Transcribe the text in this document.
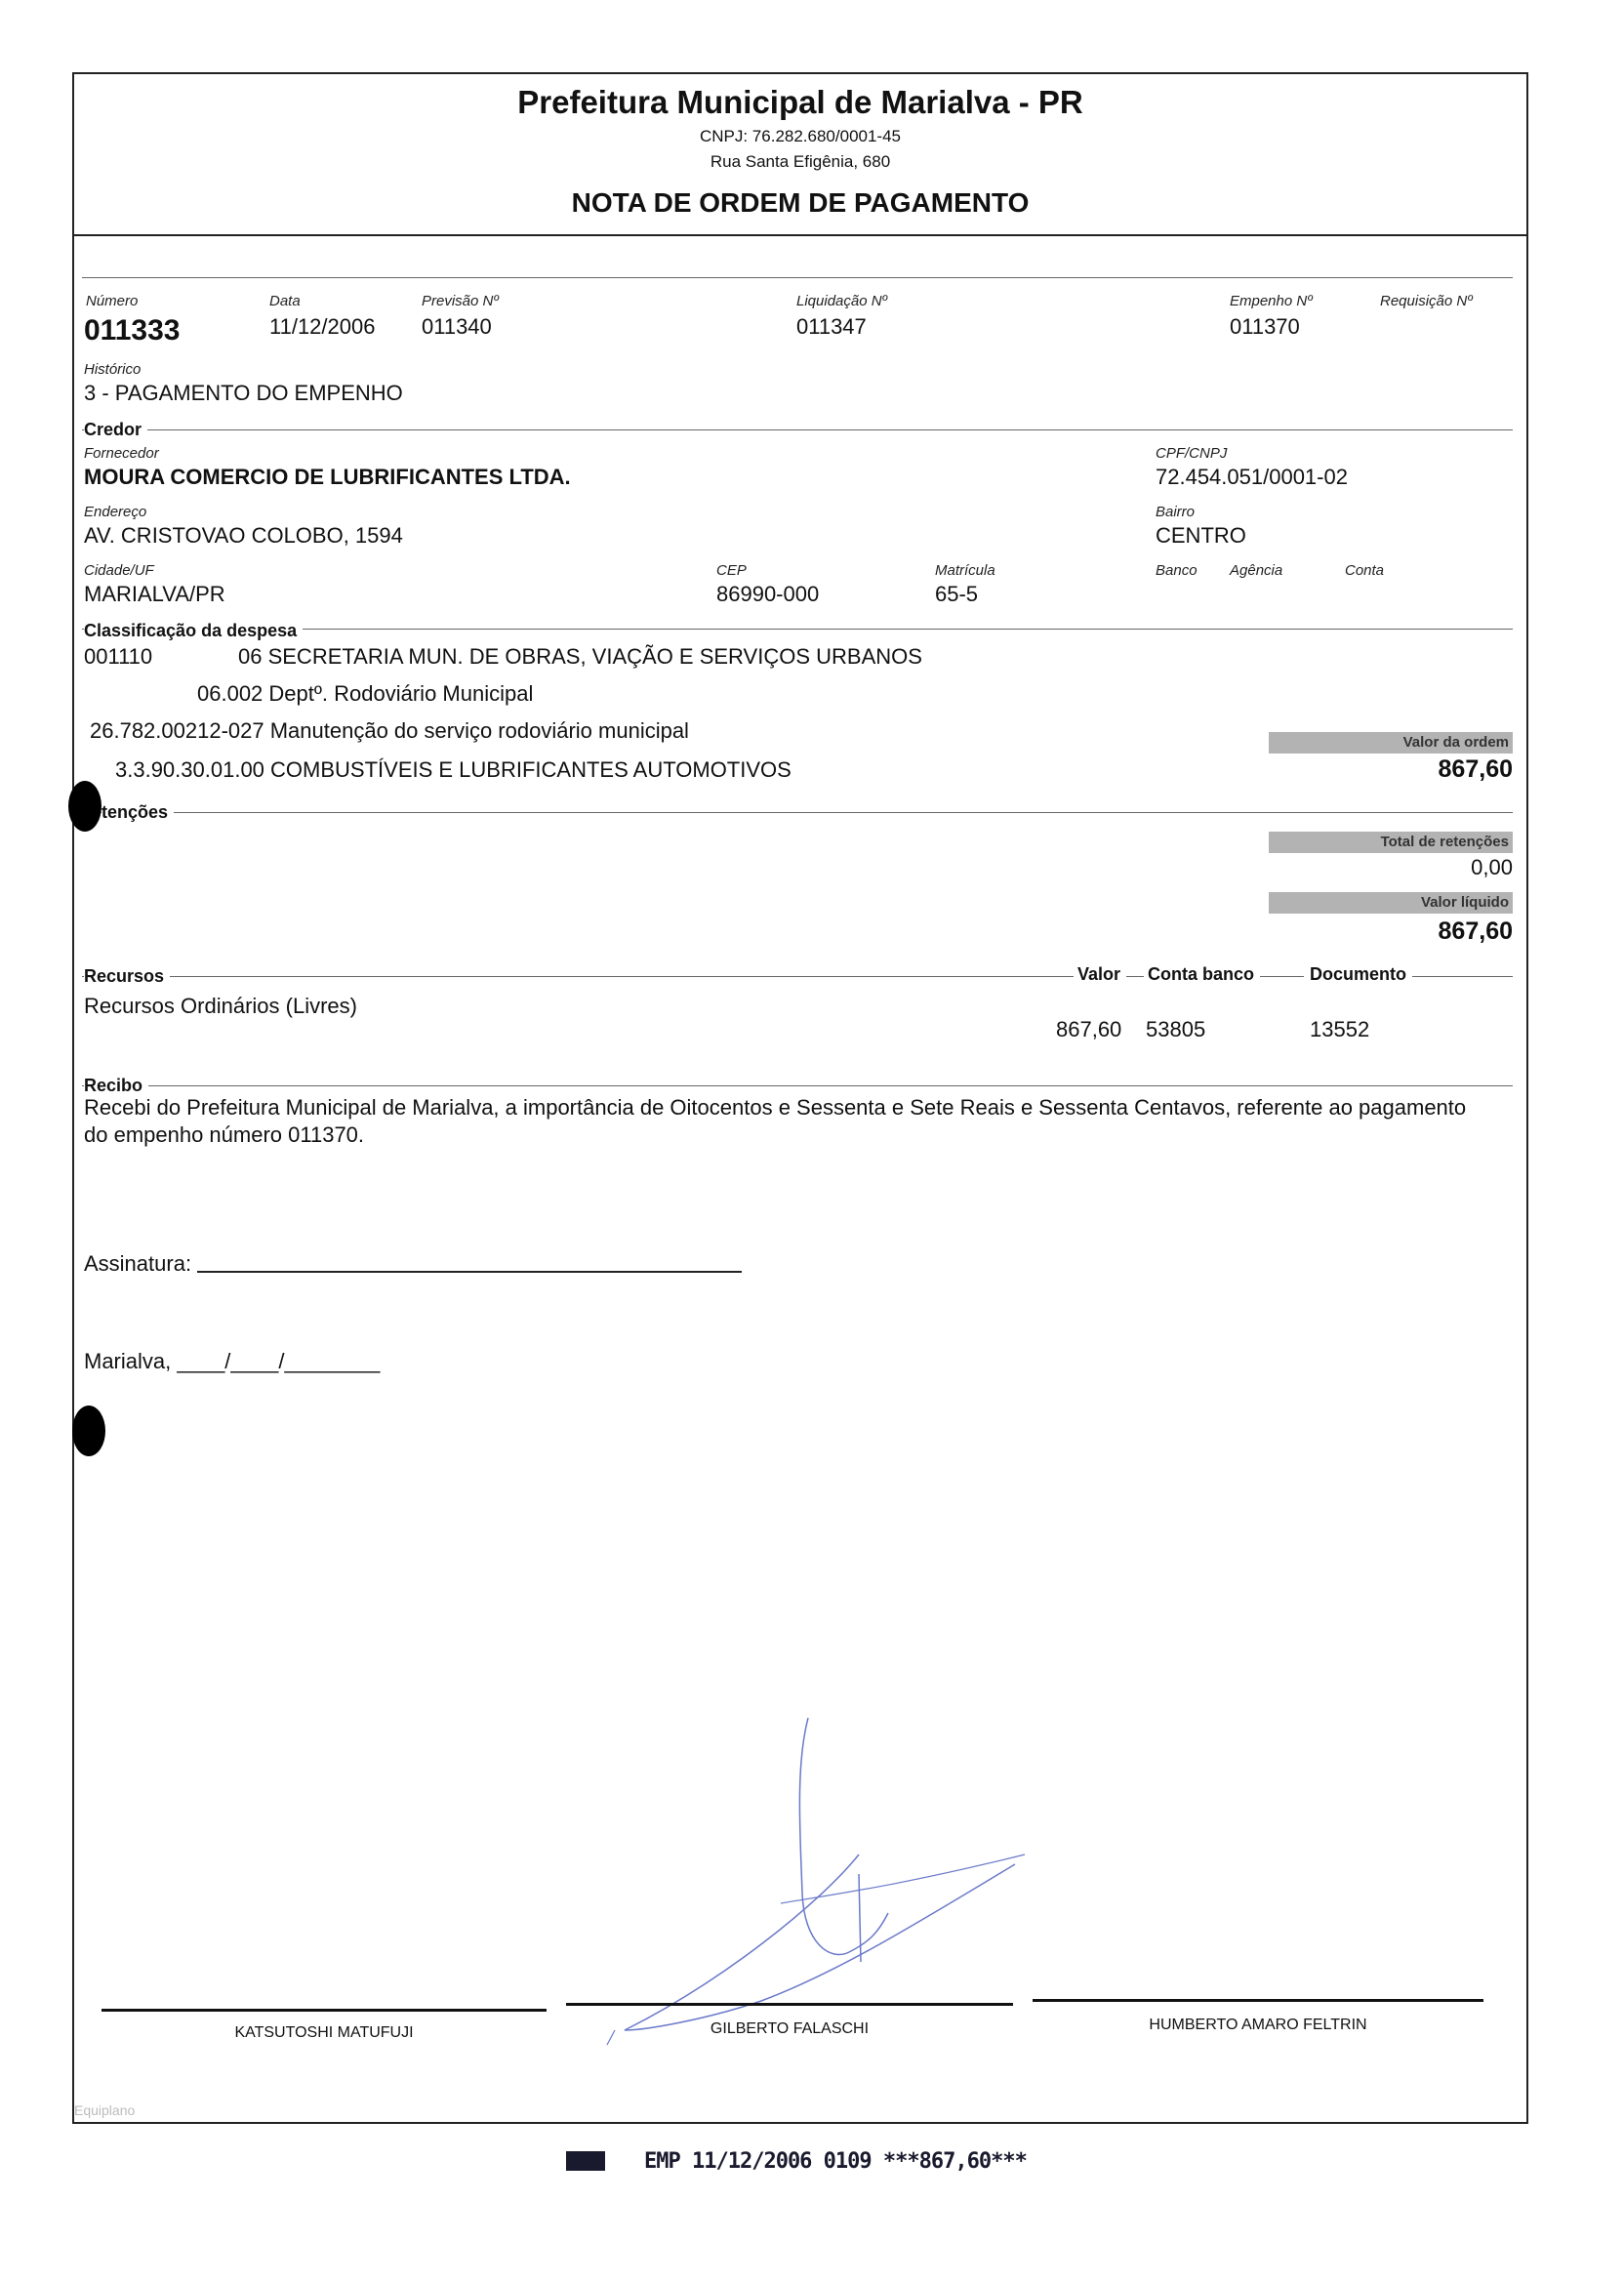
Prefeitura Municipal de Marialva - PR
CNPJ: 76.282.680/0001-45
Rua Santa Efigênia, 680
NOTA DE ORDEM DE PAGAMENTO
Número
011333
Data
11/12/2006
Previsão Nº
011340
Liquidação Nº
011347
Empenho Nº
011370
Requisição Nº
Histórico
3 - PAGAMENTO DO EMPENHO
Credor
Fornecedor
MOURA COMERCIO DE LUBRIFICANTES LTDA.
CPF/CNPJ
72.454.051/0001-02
Endereço
AV. CRISTOVAO COLOBO, 1594
Bairro
CENTRO
Cidade/UF
MARIALVA/PR
CEP
86990-000
Matrícula
65-5
Banco Agência	Conta
Classificação da despesa
001110	06 SECRETARIA MUN. DE OBRAS, VIAÇÃO E SERVIÇOS URBANOS
06.002 Deptº. Rodoviário Municipal
26.782.00212-027 Manutenção do serviço rodoviário municipal
3.3.90.30.01.00 COMBUSTÍVEIS E LUBRIFICANTES AUTOMOTIVOS
Valor da ordem
867,60
tenções
Total de retenções
0,00
Valor líquido
867,60
Recursos	Valor	Conta banco	Documento
Recursos Ordinários (Livres)
867,60 53805	13552
Recibo
Recebi do Prefeitura Municipal de Marialva, a importância de Oitocentos e Sessenta e Sete Reais e Sessenta Centavos, referente ao pagamento
do empenho número 011370.
Assinatura:
Marialva, ____/____/________
KATSUTOSHI MATUFUJI	GILBERTO FALASCHI	HUMBERTO AMARO FELTRIN
Equiplano
EMP 11/12/2006 0109 ***867,60***
